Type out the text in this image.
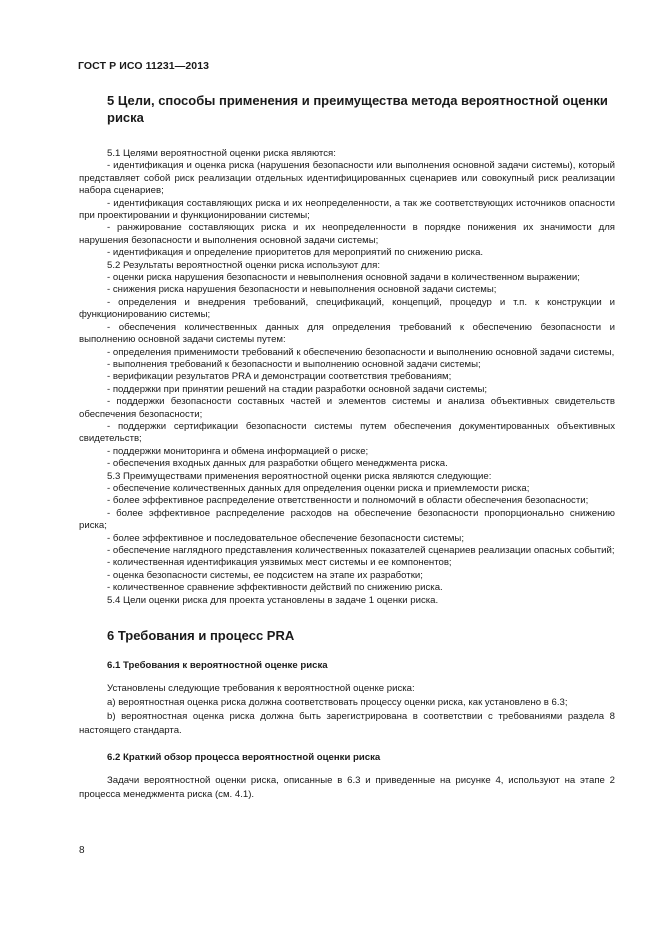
ГОСТ Р ИСО 11231—2013
5 Цели, способы применения и преимущества метода вероятностной оценки риска

5.1 Целями вероятностной оценки риска являются:

- идентификация и оценка риска (нарушения безопасности или выполнения основной задачи системы), который представляет собой риск реализации отдельных идентифицированных сценариев или совокупный риск реализации набора сценариев;

- идентификация составляющих риска и их неопределенности, а так же соответствующих источников опасности при проектировании и функционировании системы;

- ранжирование составляющих риска и их неопределенности в порядке понижения их значимости для нарушения безопасности и выполнения основной задачи системы;

- идентификация и определение приоритетов для мероприятий по снижению риска.

5.2 Результаты вероятностной оценки риска используют для:

- оценки риска нарушения безопасности и невыполнения основной задачи в количественном выражении;

- снижения риска нарушения безопасности и невыполнения основной задачи системы;

- определения и внедрения требований, спецификаций, концепций, процедур и т.п. к конструкции и функционированию системы;

- обеспечения количественных данных для определения требований к обеспечению безопасности и выполнению основной задачи системы путем:

- определения применимости требований к обеспечению безопасности и выполнению основной задачи системы,

- выполнения требований к безопасности и выполнению основной задачи системы;

- верификации результатов PRA и демонстрации соответствия требованиям;

- поддержки при принятии решений на стадии разработки основной задачи системы;

- поддержки безопасности составных частей и элементов системы и анализа объективных свидетельств обеспечения безопасности;

- поддержки сертификации безопасности системы путем обеспечения документированных объективных свидетельств;

- поддержки мониторинга и обмена информацией о риске;

- обеспечения входных данных для разработки общего менеджмента риска.

5.3 Преимуществами применения вероятностной оценки риска являются следующие:

- обеспечение количественных данных для определения оценки риска и приемлемости риска;

- более эффективное распределение ответственности и полномочий в области обеспечения безопасности;

- более эффективное распределение расходов на обеспечение безопасности пропорционально снижению риска;

- более эффективное и последовательное обеспечение безопасности системы;

- обеспечение наглядного представления количественных показателей сценариев реализации опасных событий;

- количественная идентификация уязвимых мест системы и ее компонентов;

- оценка безопасности системы, ее подсистем на этапе их разработки;

- количественное сравнение эффективности действий по снижению риска.

5.4 Цели оценки риска для проекта установлены в задаче 1 оценки риска.

6 Требования и процесс PRA
6.1 Требования к вероятностной оценке риска

Установлены следующие требования к вероятностной оценке риска:

а) вероятностная оценка риска должна соответствовать процессу оценки риска, как установлено в 6.3;

b) вероятностная оценка риска должна быть зарегистрирована в соответствии с требованиями раздела 8 настоящего стандарта.

6.2 Краткий обзор процесса вероятностной оценки риска

Задачи вероятностной оценки риска, описанные в 6.3 и приведенные на рисунке 4, используют на этапе 2 процесса менеджмента риска (см. 4.1).

8
